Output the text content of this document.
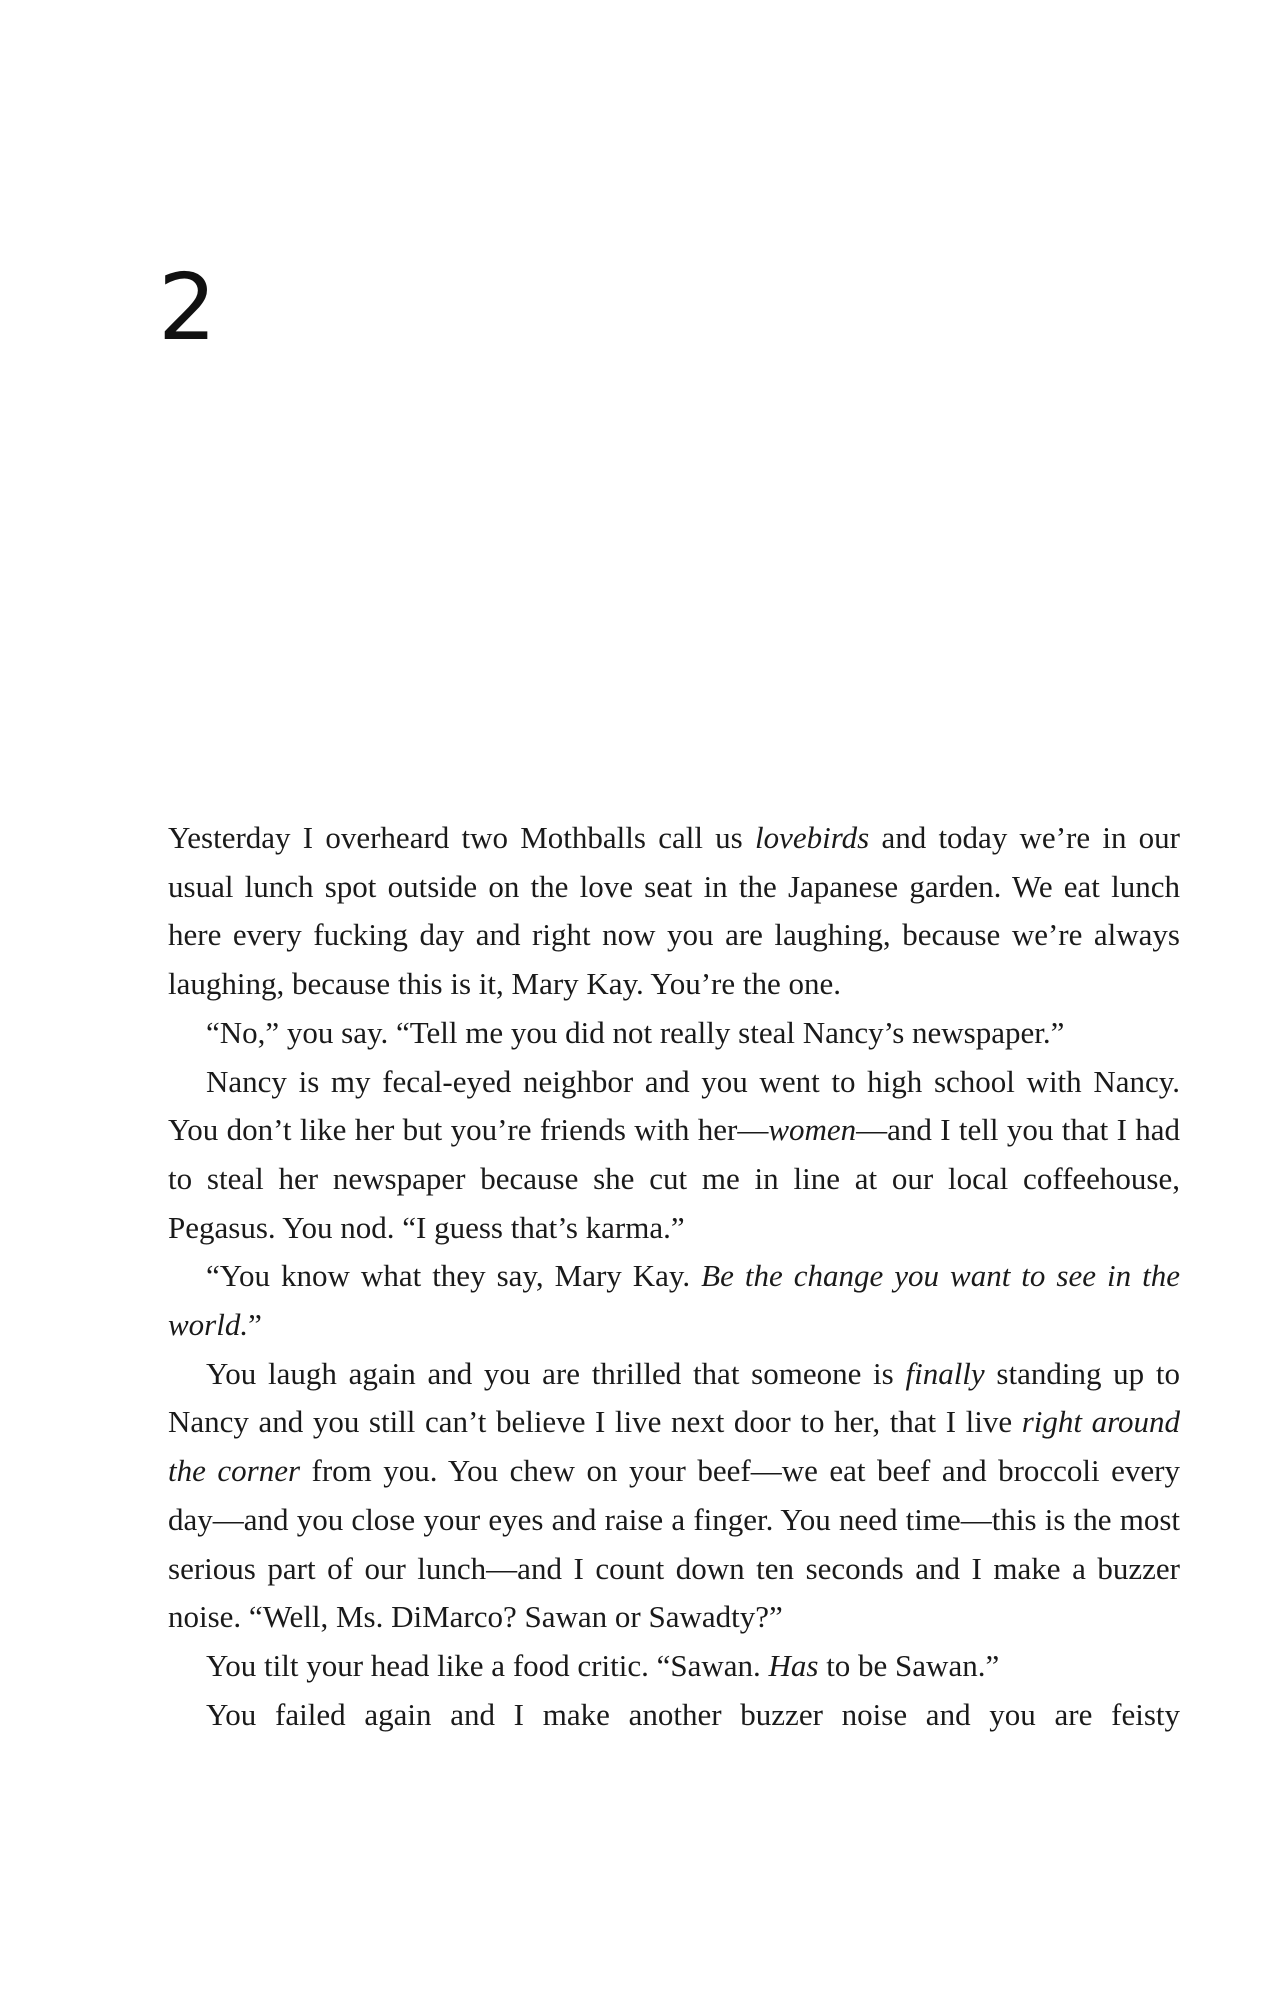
2

Yesterday I overheard two Mothballs call us lovebirds and today we’re in our usual lunch spot outside on the love seat in the Japanese garden. We eat lunch here every fucking day and right now you are laughing, because we’re always laughing, because this is it, Mary Kay. You’re the one.

“No,” you say. “Tell me you did not really steal Nancy’s newspaper.”

Nancy is my fecal-eyed neighbor and you went to high school with Nancy. You don’t like her but you’re friends with her—women—and I tell you that I had to steal her newspaper because she cut me in line at our local coffeehouse, Pegasus. You nod. “I guess that’s karma.”

“You know what they say, Mary Kay. Be the change you want to see in the world.”

You laugh again and you are thrilled that someone is finally standing up to Nancy and you still can’t believe I live next door to her, that I live right around the corner from you. You chew on your beef—we eat beef and broccoli every day—and you close your eyes and raise a finger. You need time—this is the most serious part of our lunch—and I count down ten seconds and I make a buzzer noise. “Well, Ms. DiMarco? Sawan or Sawadty?”

You tilt your head like a food critic. “Sawan. Has to be Sawan.”

You failed again and I make another buzzer noise and you are feisty
